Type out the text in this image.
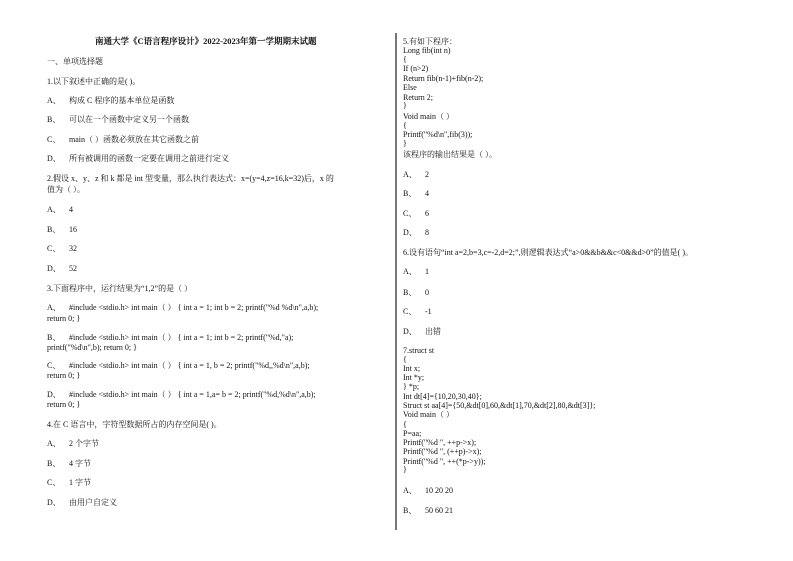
南通大学《C语言程序设计》2022-2023年第一学期期末试题
一、单项选择题
1.以下叙述中正确的是( )。
A、 构成 C 程序的基本单位是函数
B、 可以在一个函数中定义另一个函数
C、 main（ ）函数必须放在其它函数之前
D、 所有被调用的函数一定要在调用之前进行定义
2.假设 x、y、z 和 k 都是 int 型变量，那么执行表达式：x=(y=4,z=16,k=32)后，x 的
值为（ ）。
A、 4
B、 16
C、 32
D、 52
3.下面程序中，运行结果为“1,2”的是（ ）
A、 #include <stdio.h> int main（ ） { int a = 1; int b = 2; printf("%d %d\n",a,b);
return 0; }
B、 #include <stdio.h> int main（ ） { int a = 1; int b = 2; printf("%d,"a);
printf("%d\n",b); return 0; }
C、 #include <stdio.h> int main（ ） { int a = 1, b = 2; printf("%d,,%d\n",a,b);
return 0; }
D、 #include <stdio.h> int main（ ） { int a = 1,a= b = 2; printf("%d,%d\n",a,b);
return 0; }
4.在 C 语言中，字符型数据所占的内存空间是( )。
A、 2 个字节
B、 4 字节
C、 1 字节
D、 由用户自定义
5.有如下程序：
Long fib(int n)
{
If (n>2)
Return fib(n-1)+fib(n-2);
Else
Return 2;
}
Void main（ ）
{
Printf("%d\n",fib(3));
}
该程序的输出结果是（ ）。
A、 2
B、 4
C、 6
D、 8
6.设有语句“int a=2,b=3,c=-2,d=2;”,则逻辑表达式“a>0&&b&&c<0&&d>0”的值是( )。
A、 1
B、 0
C、 -1
D、 出错
7.struct st
{
Int x;
Int *y;
} *p;
Int dt[4]={10,20,30,40};
Struct st aa[4]={50,&dt[0],60,&dt[1],70,&dt[2],80,&dt[3]};
Void main（ ）
{
P=aa;
Printf("%d ", ++p->x);
Printf("%d ", (++p)->x);
Printf("%d ", ++(*p->y));
}
A、 10 20 20
B、 50 60 21
